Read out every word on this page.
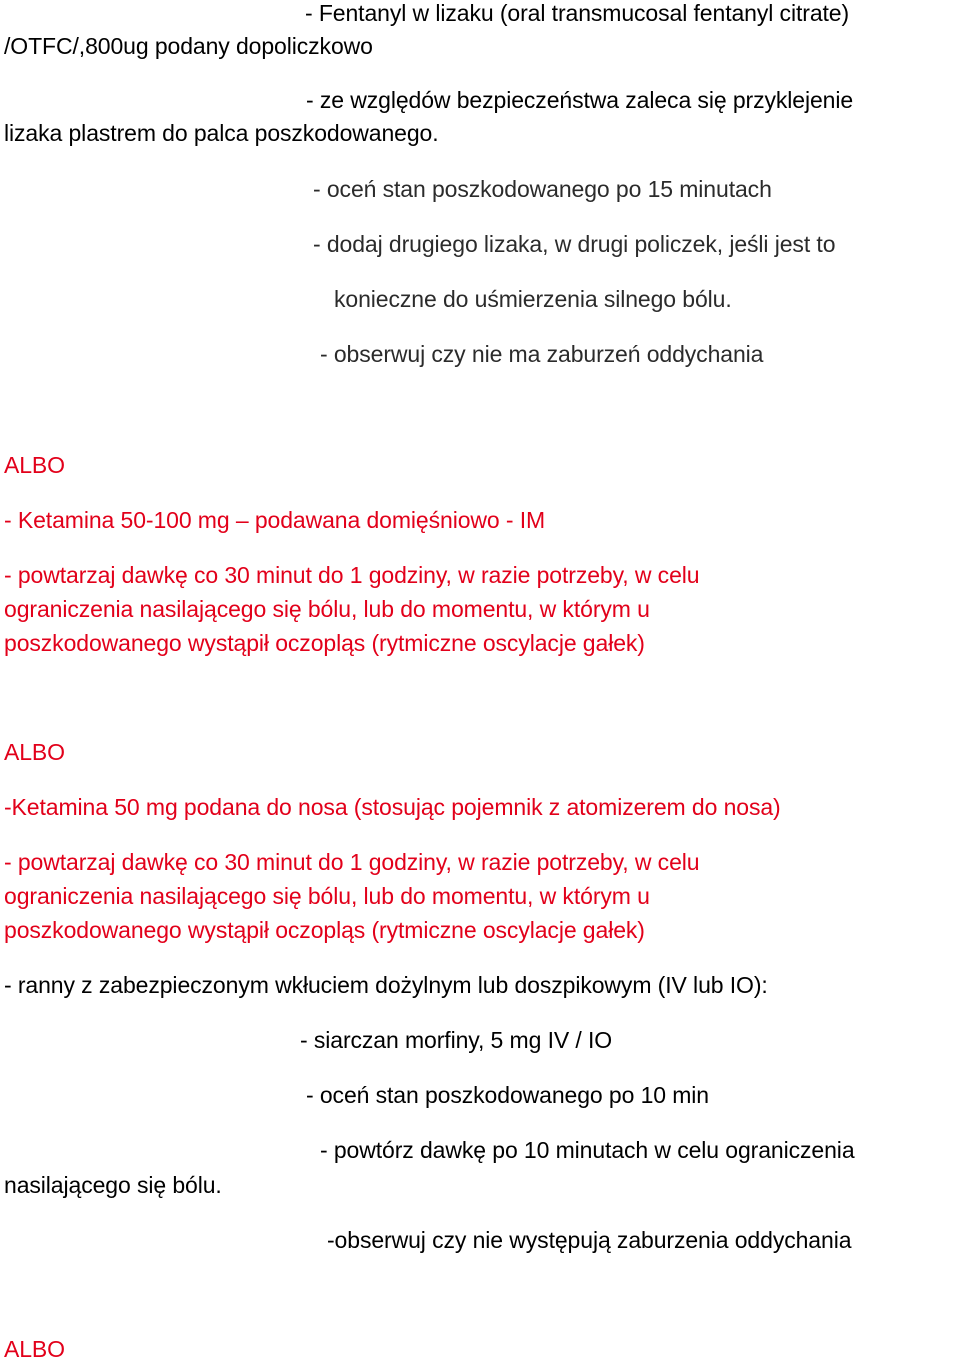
- Fentanyl w lizaku (oral transmucosal fentanyl citrate)
/OTFC/,800ug podany dopoliczkowo
- ze względów bezpieczeństwa zaleca się przyklejenie
lizaka plastrem do palca poszkodowanego.
- oceń stan poszkodowanego po 15 minutach
- dodaj drugiego lizaka, w drugi policzek, jeśli jest to
konieczne do uśmierzenia silnego bólu.
- obserwuj czy nie ma zaburzeń oddychania
ALBO
- Ketamina 50-100 mg – podawana domięśniowo - IM
- powtarzaj dawkę co 30 minut do 1 godziny, w razie potrzeby, w celu
ograniczenia nasilającego się bólu, lub do momentu, w którym u
poszkodowanego wystąpił oczopląs (rytmiczne oscylacje gałek)
ALBO
-Ketamina 50 mg podana do nosa (stosując pojemnik z atomizerem do nosa)
- powtarzaj dawkę co 30 minut do 1 godziny, w razie potrzeby, w celu
ograniczenia nasilającego się bólu, lub do momentu, w którym u
poszkodowanego wystąpił oczopląs (rytmiczne oscylacje gałek)
- ranny z zabezpieczonym wkłuciem dożylnym lub doszpikowym (IV lub IO):
- siarczan morfiny, 5 mg IV / IO
- oceń stan poszkodowanego po 10 min
- powtórz dawkę po 10 minutach w celu ograniczenia
nasilającego się bólu.
-obserwuj czy nie występują zaburzenia oddychania
ALBO
